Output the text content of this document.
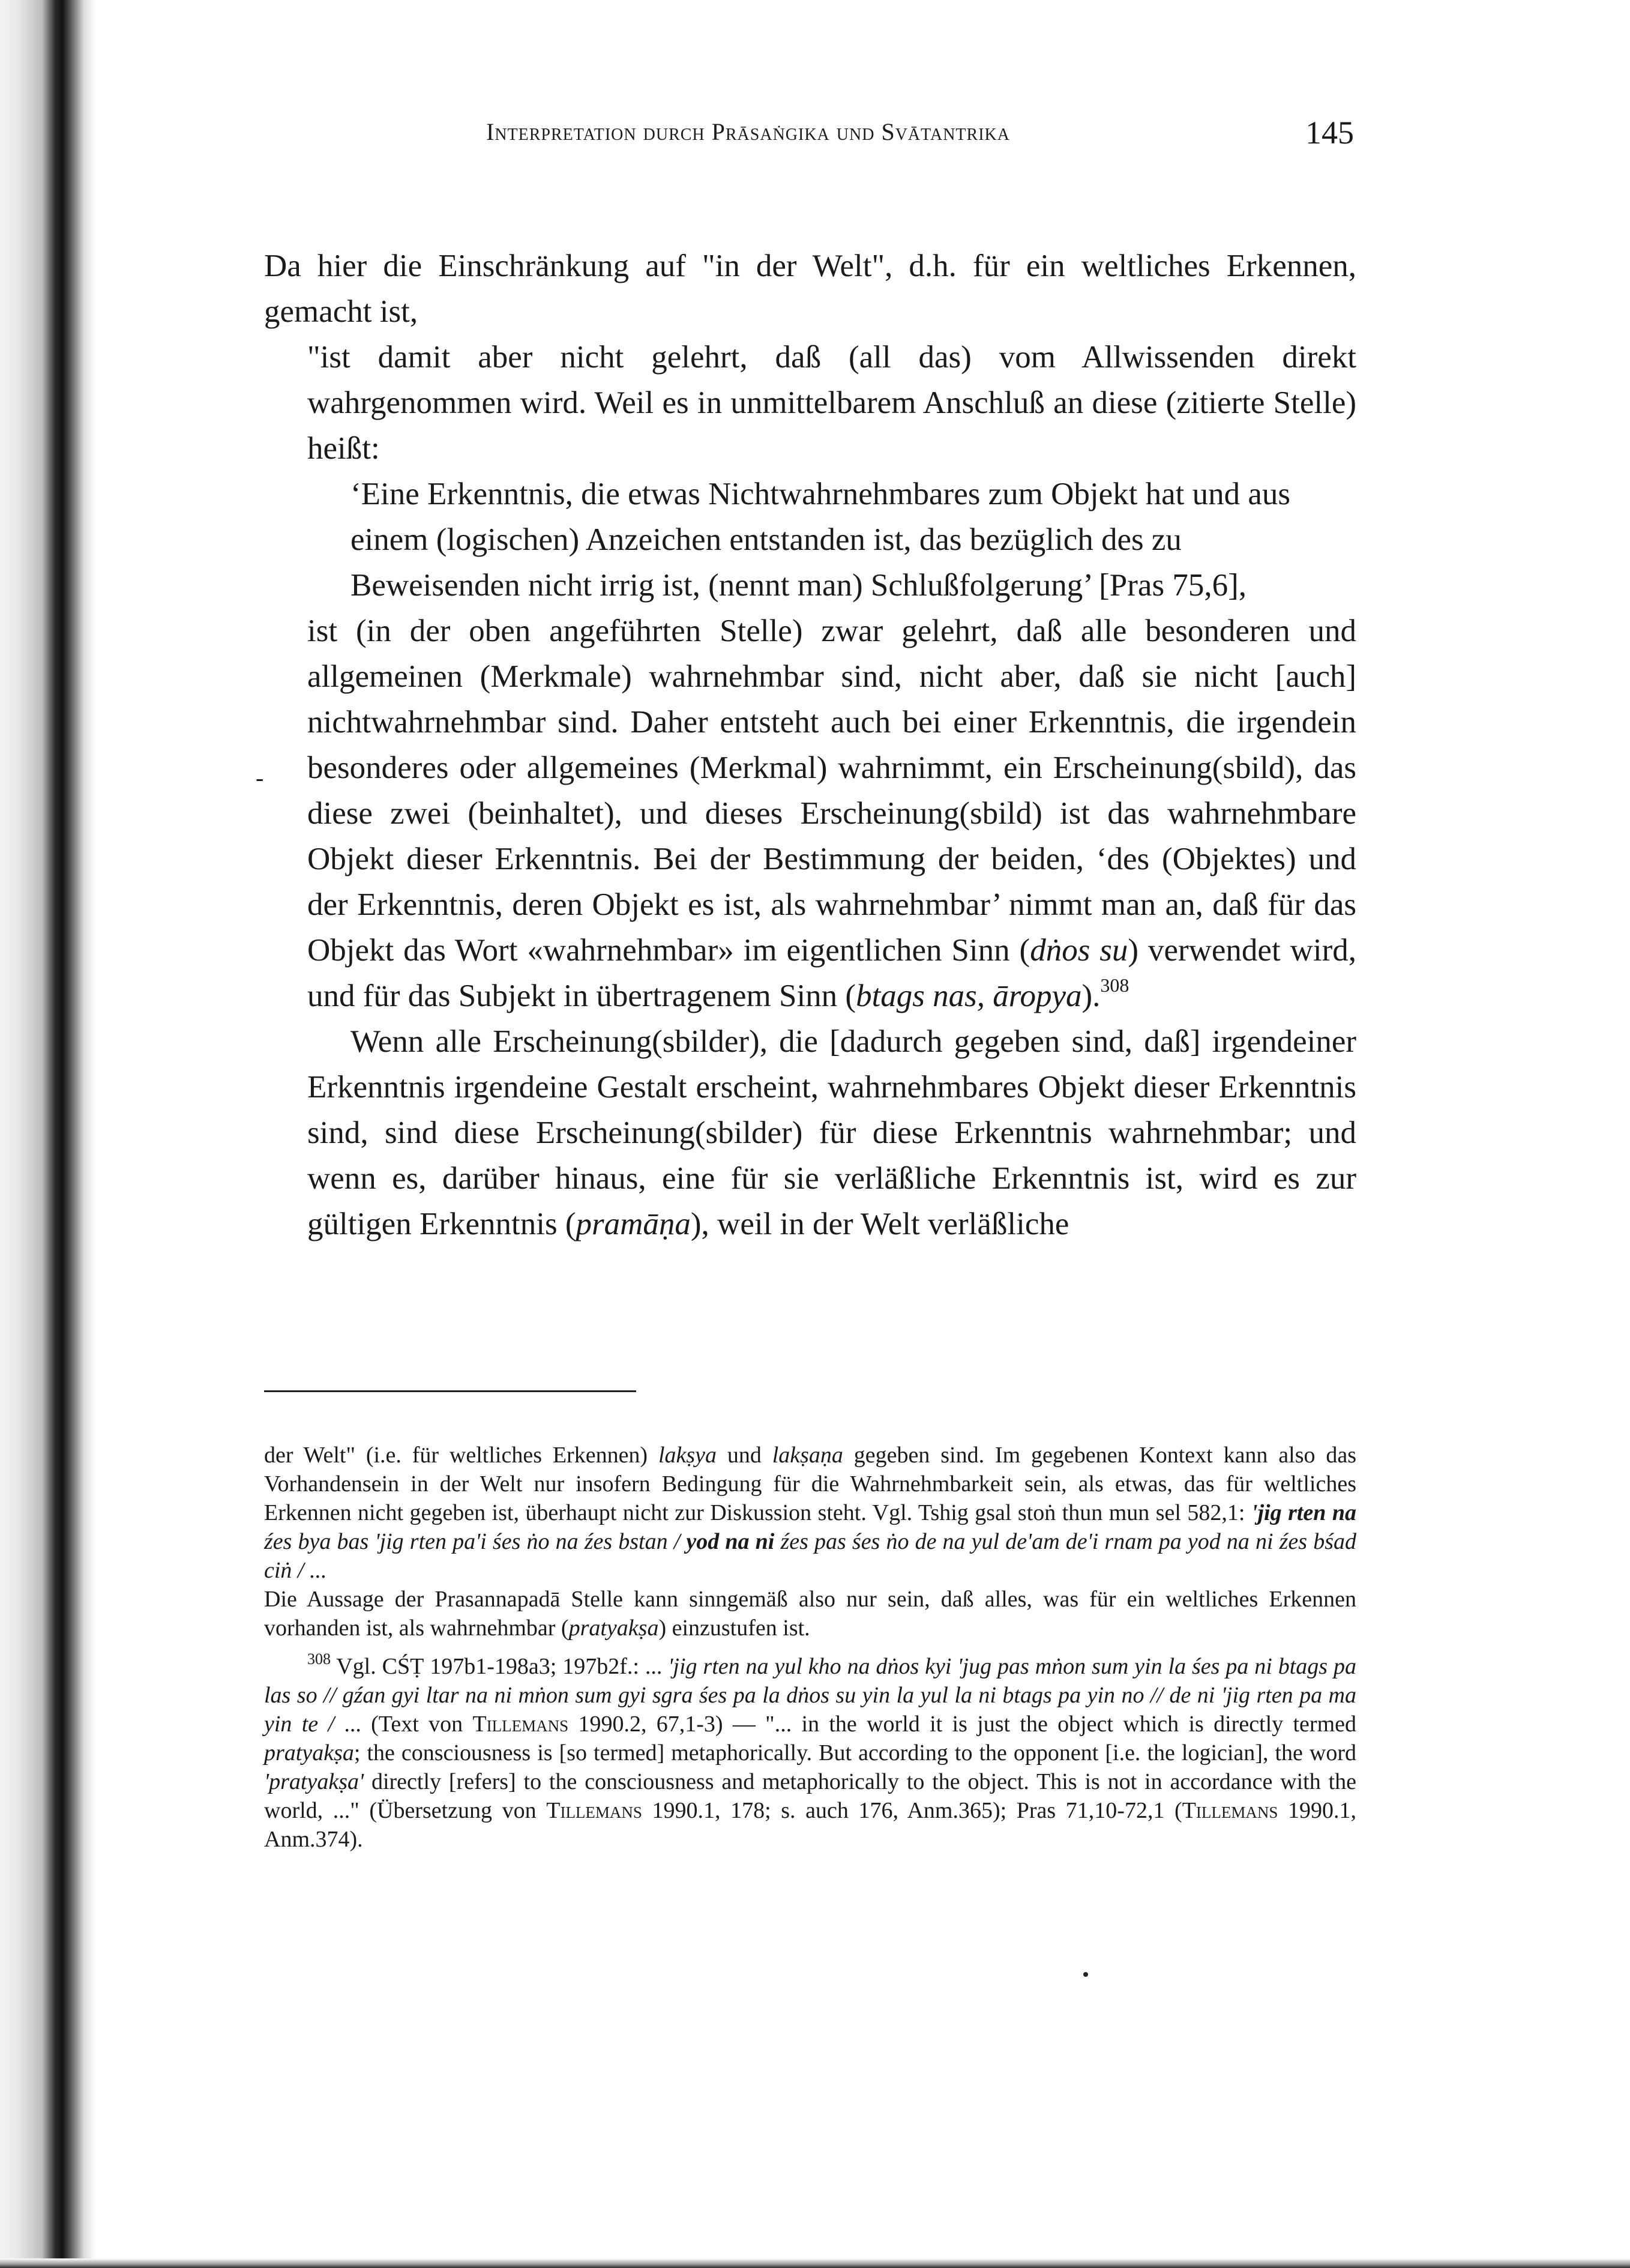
Interpretation durch Prāsaṅgika und Svātantrika	145
-

Da hier die Einschränkung auf "in der Welt", d.h. für ein weltliches Erkennen, gemacht ist,

"ist damit aber nicht gelehrt, daß (all das) vom Allwissenden direkt wahrgenommen wird. Weil es in unmittelbarem Anschluß an diese (zitierte Stelle) heißt:

‘Eine Erkenntnis, die etwas Nichtwahrnehmbares zum Objekt hat und aus einem (logischen) Anzeichen entstanden ist, das bezüglich des zu Beweisenden nicht irrig ist, (nennt man) Schlußfolgerung’ [Pras 75,6],

ist (in der oben angeführten Stelle) zwar gelehrt, daß alle besonderen und allgemeinen (Merkmale) wahrnehmbar sind, nicht aber, daß sie nicht [auch] nichtwahrnehmbar sind. Daher entsteht auch bei einer Erkenntnis, die irgendein besonderes oder allgemeines (Merkmal) wahrnimmt, ein Erscheinung(sbild), das diese zwei (beinhaltet), und dieses Erscheinung(sbild) ist das wahrnehmbare Objekt dieser Erkenntnis. Bei der Bestimmung der beiden, ‘des (Objektes) und der Erkenntnis, deren Objekt es ist, als wahrnehmbar’ nimmt man an, daß für das Objekt das Wort «wahrnehmbar» im eigentlichen Sinn (dṅos su) verwendet wird, und für das Subjekt in übertragenem Sinn (btags nas, āropya).$^{308}$

Wenn alle Erscheinung(sbilder), die [dadurch gegeben sind, daß] irgendeiner Erkenntnis irgendeine Gestalt erscheint, wahrnehmbares Objekt dieser Erkenntnis sind, sind diese Erscheinung(sbilder) für diese Erkenntnis wahrnehmbar; und wenn es, darüber hinaus, eine für sie verläßliche Erkenntnis ist, wird es zur gültigen Erkenntnis (pramāṇa), weil in der Welt verläßliche

der Welt" (i.e. für weltliches Erkennen) lakṣya und lakṣaṇa gegeben sind. Im gegebenen Kontext kann also das Vorhandensein in der Welt nur insofern Bedingung für die Wahrnehmbarkeit sein, als etwas, das für weltliches Erkennen nicht gegeben ist, überhaupt nicht zur Diskussion steht. Vgl. Tshig gsal stoṅ thun mun sel 582,1: 'jig rten na źes bya bas 'jig rten pa'i śes ṅo na źes bstan / yod na ni źes pas śes ṅo de na yul de'am de'i rnam pa yod na ni źes bśad ciṅ / ...

Die Aussage der Prasannapadā Stelle kann sinngemäß also nur sein, daß alles, was für ein weltliches Erkennen vorhanden ist, als wahrnehmbar (pratyakṣa) einzustufen ist.

$^{308}$ Vgl. CŚṬ 197b1-198a3; 197b2f.: ... 'jig rten na yul kho na dṅos kyi 'jug pas mṅon sum yin la śes pa ni btags pa las so // gźan gyi ltar na ni mṅon sum gyi sgra śes pa la dṅos su yin la yul la ni btags pa yin no // de ni 'jig rten pa ma yin te / ... (Text von Tillemans 1990.2, 67,1-3) — "... in the world it is just the object which is directly termed pratyakṣa; the consciousness is [so termed] metaphorically. But according to the opponent [i.e. the logician], the word 'pratyakṣa' directly [refers] to the consciousness and metaphorically to the object. This is not in accordance with the world, ..." (Übersetzung von Tillemans 1990.1, 178; s. auch 176, Anm.365); Pras 71,10-72,1 (Tillemans 1990.1, Anm.374).
